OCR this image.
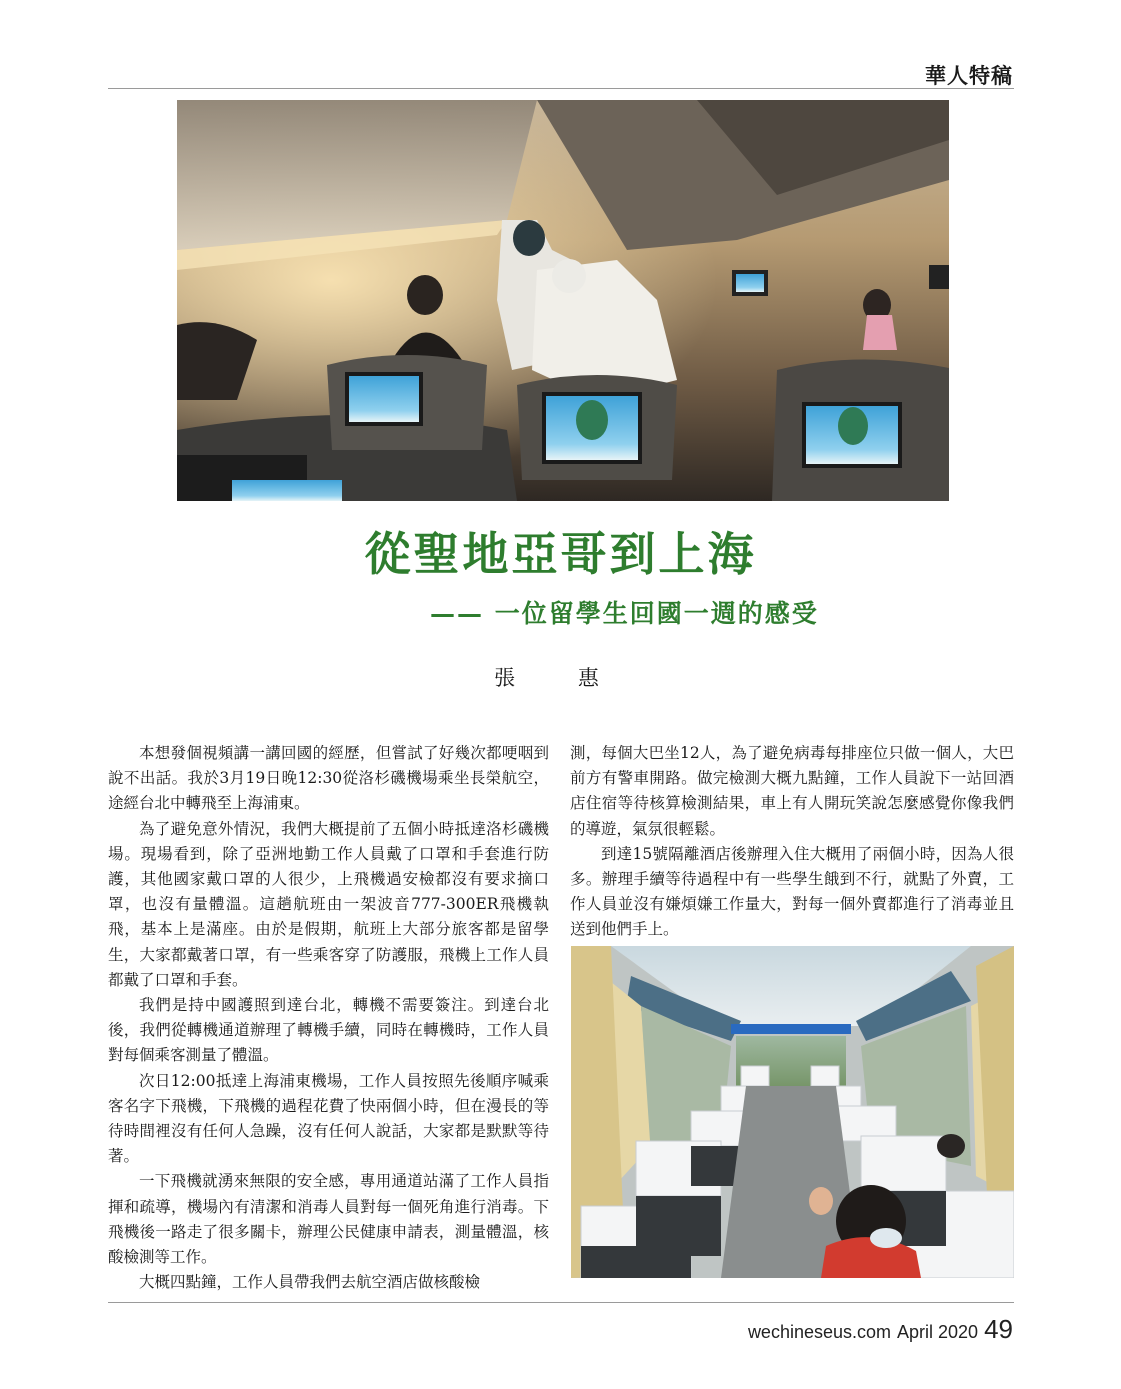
華人特稿
從聖地亞哥到上海
—— 一位留學生回國一週的感受
張 惠

本想發個視頻講一講回國的經歷，但嘗試了好幾次都哽咽到說不出話。我於3月19日晚12:30從洛杉磯機場乘坐長榮航空，途經台北中轉飛至上海浦東。

為了避免意外情況，我們大概提前了五個小時抵達洛杉磯機場。現場看到，除了亞洲地勤工作人員戴了口罩和手套進行防護，其他國家戴口罩的人很少，上飛機過安檢都沒有要求摘口罩，也沒有量體溫。這趟航班由一架波音777-300ER飛機執飛，基本上是滿座。由於是假期，航班上大部分旅客都是留學生，大家都戴著口罩，有一些乘客穿了防護服，飛機上工作人員都戴了口罩和手套。

我們是持中國護照到達台北，轉機不需要簽注。到達台北後，我們從轉機通道辦理了轉機手續，同時在轉機時，工作人員對每個乘客測量了體溫。

次日12:00抵達上海浦東機場，工作人員按照先後順序喊乘客名字下飛機，下飛機的過程花費了快兩個小時，但在漫長的等待時間裡沒有任何人急躁，沒有任何人說話，大家都是默默等待著。

一下飛機就湧來無限的安全感，專用通道站滿了工作人員指揮和疏導，機場內有清潔和消毒人員對每一個死角進行消毒。下飛機後一路走了很多關卡，辦理公民健康申請表，測量體溫，核酸檢測等工作。

大概四點鐘，工作人員帶我們去航空酒店做核酸檢

測，每個大巴坐12人，為了避免病毒每排座位只做一個人，大巴前方有警車開路。做完檢測大概九點鐘，工作人員說下一站回酒店住宿等待核算檢測結果，車上有人開玩笑說怎麼感覺你像我們的導遊，氣氛很輕鬆。

到達15號隔離酒店後辦理入住大概用了兩個小時，因為人很多。辦理手續等待過程中有一些學生餓到不行，就點了外賣，工作人員並沒有嫌煩嫌工作量大，對每一個外賣都進行了消毒並且送到他們手上。

wechineseus.com April 2020 49
